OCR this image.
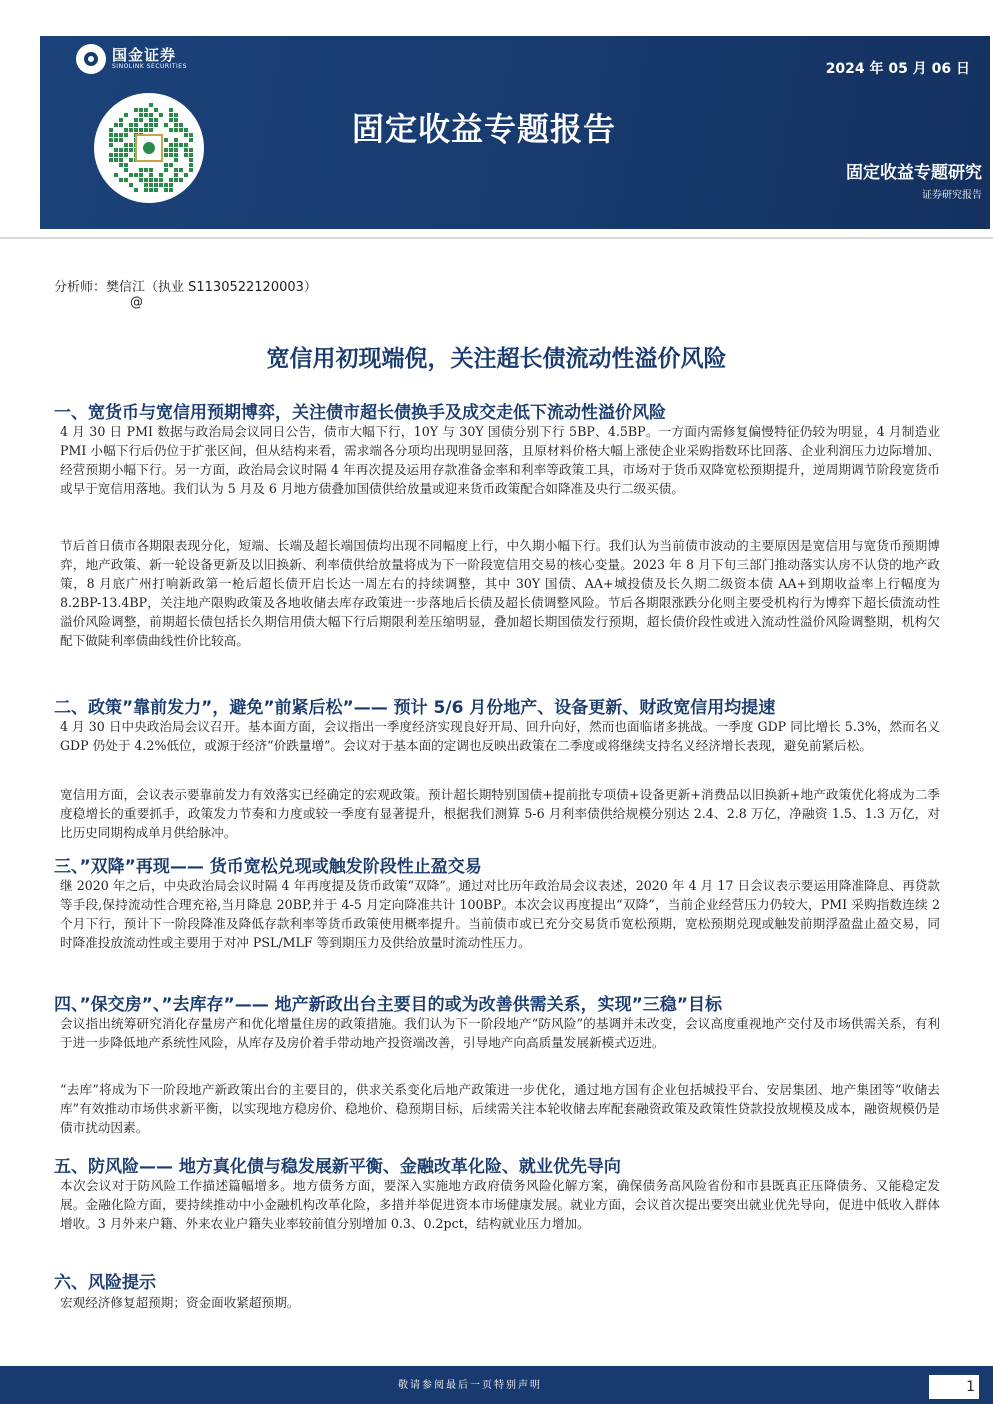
国金证券
SINOLINK SECURITIES	2024 年 05 月 06 日
固定收益专题报告
固定收益专题研究
证券研究报告
分析师：樊信江（执业 S1130522120003）
@
宽信用初现端倪，关注超长债流动性溢价风险
一、宽货币与宽信用预期博弈，关注债市超长债换手及成交走低下流动性溢价风险
4 月 30 日 PMI 数据与政治局会议同日公告，债市大幅下行，10Y 与 30Y 国债分别下行 5BP、4.5BP。一方面内需修复偏慢特征仍较为明显，4 月制造业 PMI 小幅下行后仍位于扩张区间，但从结构来看，需求端各分项均出现明显回落，且原材料价格大幅上涨使企业采购指数环比回落、企业利润压力边际增加、经营预期小幅下行。另一方面，政治局会议时隔 4 年再次提及运用存款准备金率和利率等政策工具，市场对于货币双降宽松预期提升，逆周期调节阶段宽货币或早于宽信用落地。我们认为 5 月及 6 月地方债叠加国债供给放量或迎来货币政策配合如降准及央行二级买债。
节后首日债市各期限表现分化，短端、长端及超长端国债均出现不同幅度上行，中久期小幅下行。我们认为当前债市波动的主要原因是宽信用与宽货币预期博弈，地产政策、新一轮设备更新及以旧换新、利率债供给放量将成为下一阶段宽信用交易的核心变量。2023 年 8 月下旬三部门推动落实认房不认贷的地产政策，8 月底广州打响新政第一枪后超长债开启长达一周左右的持续调整，其中 30Y 国债、AA+城投债及长久期二级资本债 AA+到期收益率上行幅度为 8.2BP-13.4BP，关注地产限购政策及各地收储去库存政策进一步落地后长债及超长债调整风险。节后各期限涨跌分化则主要受机构行为博弈下超长债流动性溢价风险调整，前期超长债包括长久期信用债大幅下行后期限利差压缩明显，叠加超长期国债发行预期，超长债价段性或进入流动性溢价风险调整期，机构欠配下做陡利率债曲线性价比较高。
二、政策”靠前发力”，避免”前紧后松”—— 预计 5/6 月份地产、设备更新、财政宽信用均提速
4 月 30 日中央政治局会议召开。基本面方面，会议指出一季度经济实现良好开局、回升向好，然而也面临诸多挑战。一季度 GDP 同比增长 5.3%，然而名义 GDP 仍处于 4.2%低位，或源于经济“价跌量增”。会议对于基本面的定调也反映出政策在二季度或将继续支持名义经济增长表现，避免前紧后松。
宽信用方面，会议表示要靠前发力有效落实已经确定的宏观政策。预计超长期特别国债+提前批专项债+设备更新+消费品以旧换新+地产政策优化将成为二季度稳增长的重要抓手，政策发力节奏和力度或较一季度有显著提升，根据我们测算 5-6 月利率债供给规模分别达 2.4、2.8 万亿，净融资 1.5、1.3 万亿，对比历史同期构成单月供给脉冲。
三、”双降”再现—— 货币宽松兑现或触发阶段性止盈交易
继 2020 年之后，中央政治局会议时隔 4 年再度提及货币政策“双降”。通过对比历年政治局会议表述，2020 年 4 月 17 日会议表示要运用降准降息、再贷款等手段,保持流动性合理充裕,当月降息 20BP,并于 4-5 月定向降准共计 100BP。本次会议再度提出“双降”，当前企业经营压力仍较大，PMI 采购指数连续 2 个月下行，预计下一阶段降准及降低存款利率等货币政策使用概率提升。当前债市或已充分交易货币宽松预期，宽松预期兑现或触发前期浮盈盘止盈交易，同时降准投放流动性或主要用于对冲 PSL/MLF 等到期压力及供给放量时流动性压力。
四、”保交房”、”去库存”—— 地产新政出台主要目的或为改善供需关系，实现”三稳”目标
会议指出统筹研究消化存量房产和优化增量住房的政策措施。我们认为下一阶段地产“防风险”的基调并未改变，会议高度重视地产交付及市场供需关系，有利于进一步降低地产系统性风险，从库存及房价着手带动地产投资端改善，引导地产向高质量发展新模式迈进。
“去库”将成为下一阶段地产新政策出台的主要目的，供求关系变化后地产政策进一步优化，通过地方国有企业包括城投平台、安居集团、地产集团等“收储去库”有效推动市场供求新平衡，以实现地方稳房价、稳地价、稳预期目标，后续需关注本轮收储去库配套融资政策及政策性贷款投放规模及成本，融资规模仍是债市扰动因素。
五、防风险—— 地方真化债与稳发展新平衡、金融改革化险、就业优先导向
本次会议对于防风险工作描述篇幅增多。地方债务方面，要深入实施地方政府债务风险化解方案，确保债务高风险省份和市县既真正压降债务、又能稳定发展。金融化险方面，要持续推动中小金融机构改革化险，多措并举促进资本市场健康发展。就业方面，会议首次提出要突出就业优先导向，促进中低收入群体增收。3 月外来户籍、外来农业户籍失业率较前值分别增加 0.3、0.2pct，结构就业压力增加。
六、风险提示
宏观经济修复超预期；资金面收紧超预期。
敬请参阅最后一页特别声明	1
